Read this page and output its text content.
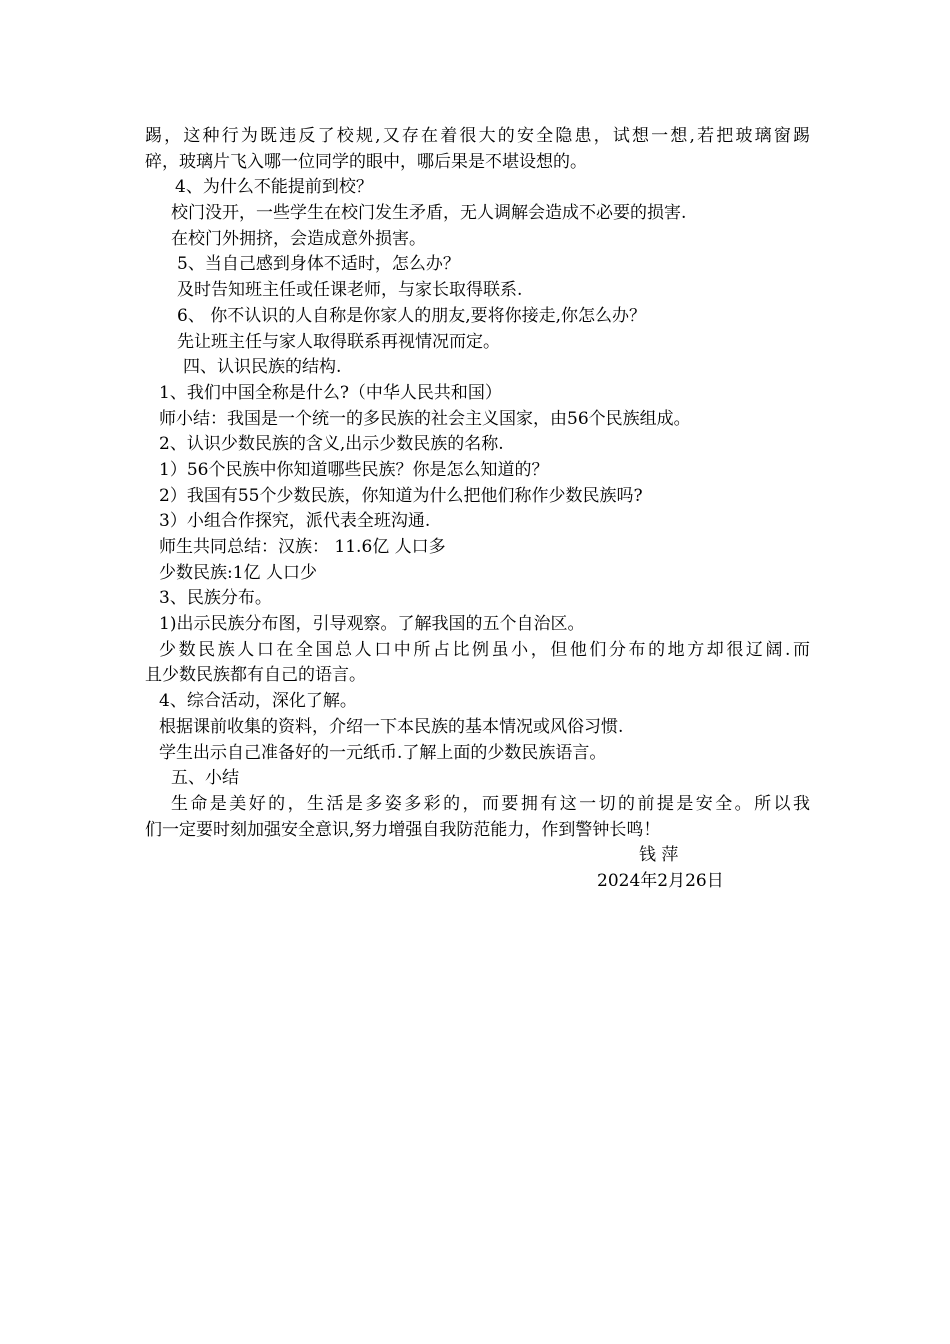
踢，这种行为既违反了校规,又存在着很大的安全隐患，试想一想,若把玻璃窗踢
碎，玻璃片飞入哪一位同学的眼中，哪后果是不堪设想的。
4、为什么不能提前到校？
校门没开，一些学生在校门发生矛盾，无人调解会造成不必要的损害.
在校门外拥挤，会造成意外损害。
5、当自己感到身体不适时，怎么办？
及时告知班主任或任课老师，与家长取得联系.
6、 你不认识的人自称是你家人的朋友,要将你接走,你怎么办？
先让班主任与家人取得联系再视情况而定。
四、认识民族的结构.
1、我们中国全称是什么?（中华人民共和国）
师小结：我国是一个统一的多民族的社会主义国家，由56个民族组成。
2、认识少数民族的含义,出示少数民族的名称.
1）56个民族中你知道哪些民族？你是怎么知道的？
2）我国有55个少数民族，你知道为什么把他们称作少数民族吗?
3）小组合作探究，派代表全班沟通.
师生共同总结：汉族： 11.6亿 人口多
少数民族:1亿 人口少
3、民族分布。
1)出示民族分布图，引导观察。了解我国的五个自治区。
少数民族人口在全国总人口中所占比例虽小，但他们分布的地方却很辽阔.而
且少数民族都有自己的语言。
4、综合活动，深化了解。
根据课前收集的资料，介绍一下本民族的基本情况或风俗习惯.
学生出示自己准备好的一元纸币.了解上面的少数民族语言。
五、小结
生命是美好的，生活是多姿多彩的，而要拥有这一切的前提是安全。所以我
们一定要时刻加强安全意识,努力增强自我防范能力，作到警钟长鸣！
钱 萍
2024年2月26日
